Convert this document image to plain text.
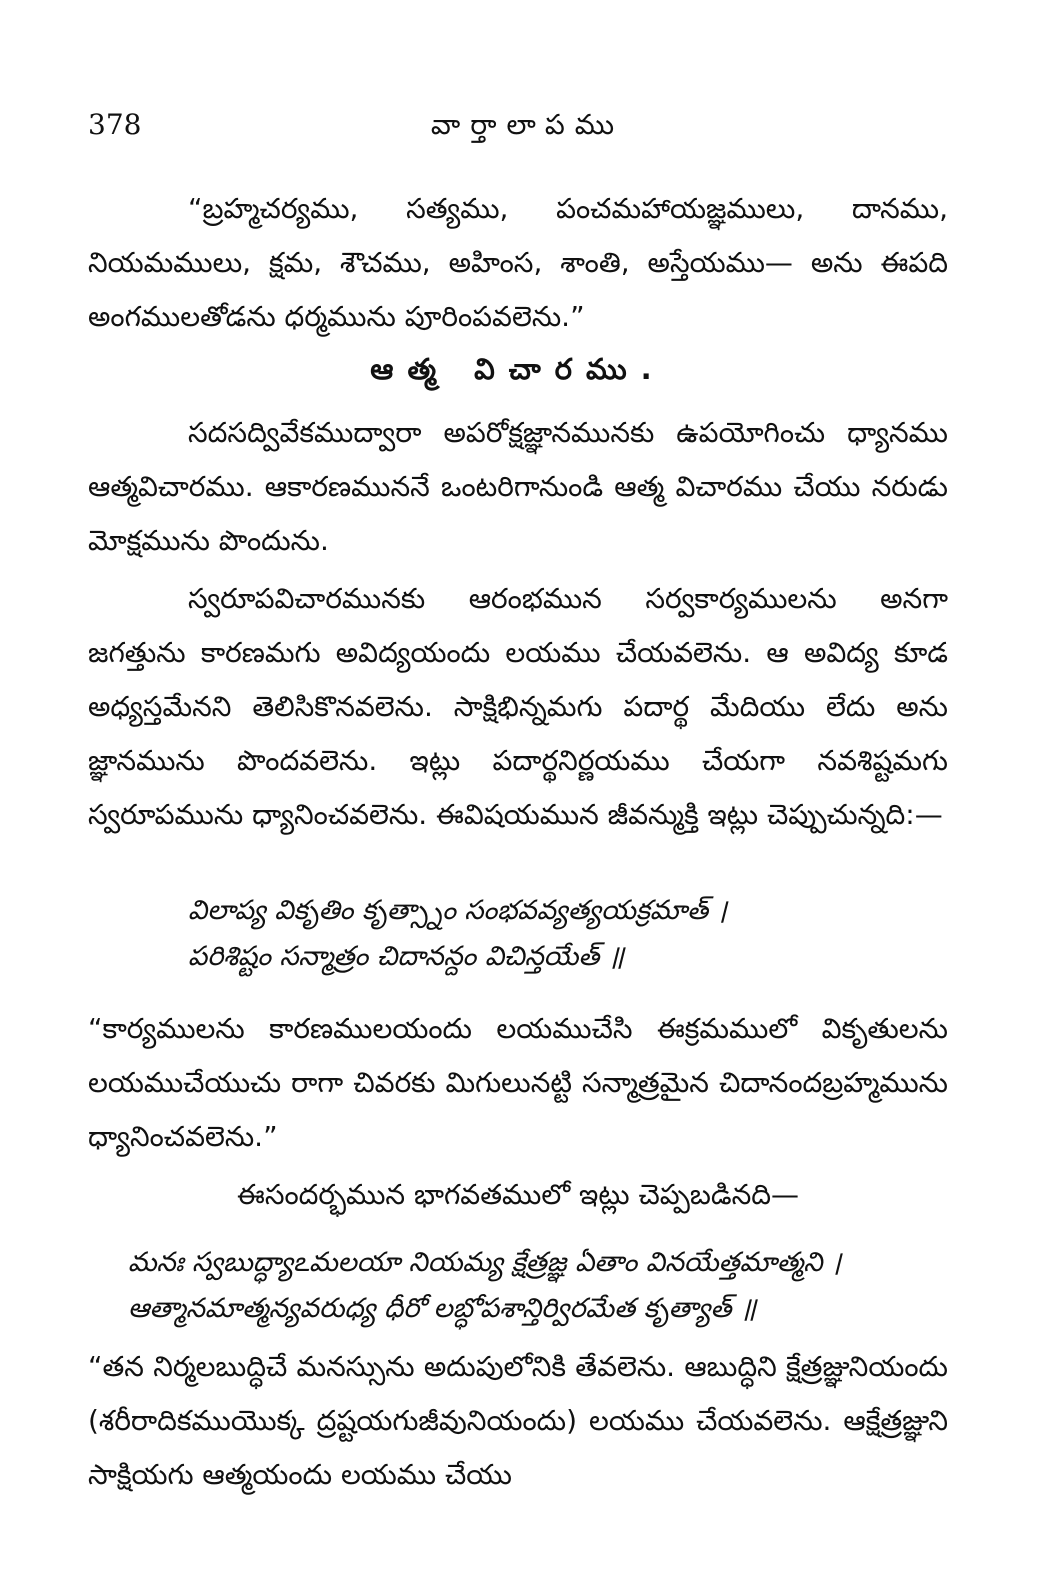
378	వార్తాలాపము
“బ్రహ్మచర్యము, సత్యము, పంచమహాయజ్ఞములు, దానము, నియమములు, క్షమ, శౌచము, అహింస, శాంతి, అస్తేయము— అను ఈపది అంగములతోడను ధర్మమును పూరింపవలెను.”
ఆత్మ విచారము.
సదసద్వివేకముద్వారా అపరోక్షజ్ఞానమునకు ఉపయోగించు ధ్యానము ఆత్మవిచారము. ఆకారణముననే ఒంటరిగానుండి ఆత్మ విచారము చేయు నరుడు మోక్షమును పొందును.
స్వరూపవిచారమునకు ఆరంభమున సర్వకార్యములను అనగా జగత్తును కారణమగు అవిద్యయందు లయము చేయవలెను. ఆ అవిద్య కూడ అధ్యస్తమేనని తెలిసికొనవలెను. సాక్షిభిన్నమగు పదార్థ మేదియు లేదు అను జ్ఞానమును పొందవలెను. ఇట్లు పదార్థనిర్ణయము చేయగా నవశిష్టమగు స్వరూపమును ధ్యానించవలెను. ఈవిషయమున జీవన్ముక్తి ఇట్లు చెప్పుచున్నది:—
విలాప్య వికృతిం కృత్స్నాం సంభవవ్యత్యయక్రమాత్ ।
పరిశిష్టం సన్మాత్రం చిదానన్దం విచిన్తయేత్ ॥
“కార్యములను కారణములయందు లయముచేసి ఈక్రమములో వికృతులను లయముచేయుచు రాగా చివరకు మిగులునట్టి సన్మాత్రమైన చిదానందబ్రహ్మమును ధ్యానించవలెను.”
ఈసందర్భమున భాగవతములో ఇట్లు చెప్పబడినది—
మనః స్వబుద్ధ్యాఽమలయా నియమ్య క్షేత్రజ్ఞ ఏతాం వినయేత్తమాత్మని ।
ఆత్మానమాత్మన్యవరుధ్య ధీరో లబ్ధోపశాన్తిర్విరమేత కృత్యాత్ ॥
“తన నిర్మలబుద్ధిచే మనస్సును అదుపులోనికి తేవలెను. ఆబుద్ధిని క్షేత్రజ్ఞునియందు (శరీరాదికముయొక్క ద్రష్టయగుజీవునియందు) లయము చేయవలెను. ఆక్షేత్రజ్ఞుని సాక్షియగు ఆత్మయందు లయము చేయు
